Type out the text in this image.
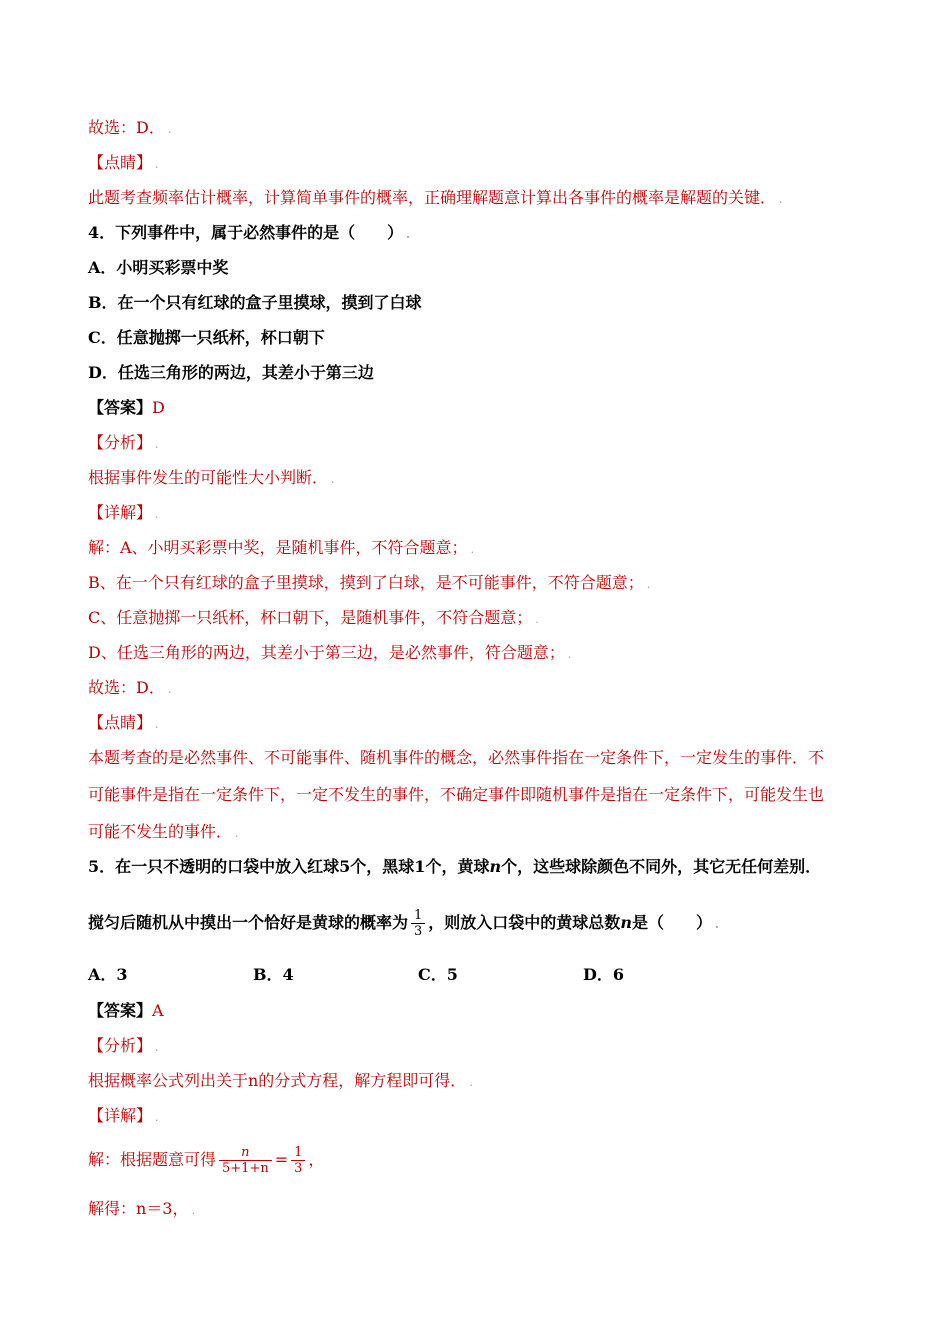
故选：D． .
【点睛】 .
此题考查频率估计概率，计算简单事件的概率，正确理解题意计算出各事件的概率是解题的关键． .
4．下列事件中，属于必然事件的是（　　） .
A．小明买彩票中奖
B．在一个只有红球的盒子里摸球，摸到了白球
C．任意抛掷一只纸杯，杯口朝下
D．任选三角形的两边，其差小于第三边
【答案】D
【分析】 .
根据事件发生的可能性大小判断． .
【详解】 .
解：A、小明买彩票中奖，是随机事件，不符合题意； .
B、在一个只有红球的盒子里摸球，摸到了白球，是不可能事件，不符合题意； .
C、任意抛掷一只纸杯，杯口朝下，是随机事件，不符合题意； .
D、任选三角形的两边，其差小于第三边，是必然事件，符合题意； .
故选：D． .
【点睛】 .
本题考查的是必然事件、不可能事件、随机事件的概念，必然事件指在一定条件下，一定发生的事件．不
可能事件是指在一定条件下，一定不发生的事件，不确定事件即随机事件是指在一定条件下，可能发生也
可能不发生的事件． .
5．在一只不透明的口袋中放入红球5个，黑球1个，黄球n个，这些球除颜色不同外，其它无任何差别．
搅匀后随机从中摸出一个恰好是黄球的概率为 $\frac{1}{3}$ ，则放入口袋中的黄球总数n是（　　） .
A．3	B．4	C．5	D．6
【答案】A
【分析】 .
根据概率公式列出关于n的分式方程，解方程即可得． .
【详解】 .
解：根据题意可得 $\frac{n}{5+1+n} = \frac{1}{3}$ ，
解得：n＝3， .
